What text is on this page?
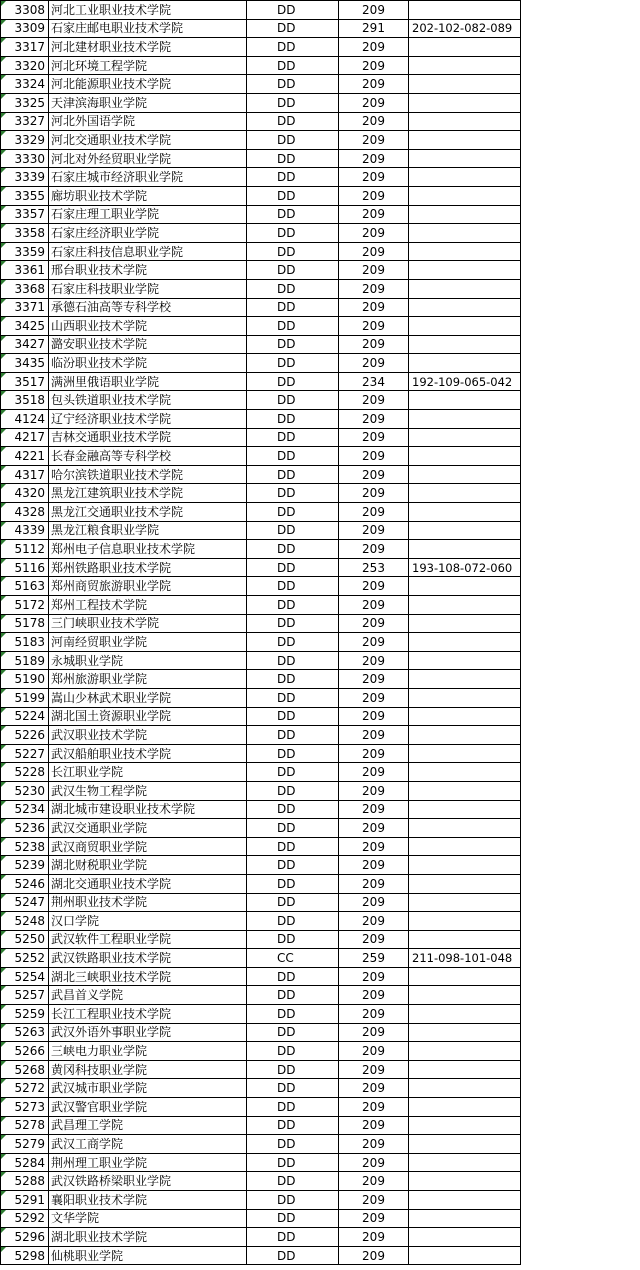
3308	河北工业职业技术学院	DD	209	
3309	石家庄邮电职业技术学院	DD	291	202-102-082-089
3317	河北建材职业技术学院	DD	209	
3320	河北环境工程学院	DD	209	
3324	河北能源职业技术学院	DD	209	
3325	天津滨海职业学院	DD	209	
3327	河北外国语学院	DD	209	
3329	河北交通职业技术学院	DD	209	
3330	河北对外经贸职业学院	DD	209	
3339	石家庄城市经济职业学院	DD	209	
3355	廊坊职业技术学院	DD	209	
3357	石家庄理工职业学院	DD	209	
3358	石家庄经济职业学院	DD	209	
3359	石家庄科技信息职业学院	DD	209	
3361	邢台职业技术学院	DD	209	
3368	石家庄科技职业学院	DD	209	
3371	承德石油高等专科学校	DD	209	
3425	山西职业技术学院	DD	209	
3427	潞安职业技术学院	DD	209	
3435	临汾职业技术学院	DD	209	
3517	满洲里俄语职业学院	DD	234	192-109-065-042
3518	包头铁道职业技术学院	DD	209	
4124	辽宁经济职业技术学院	DD	209	
4217	吉林交通职业技术学院	DD	209	
4221	长春金融高等专科学校	DD	209	
4317	哈尔滨铁道职业技术学院	DD	209	
4320	黑龙江建筑职业技术学院	DD	209	
4328	黑龙江交通职业技术学院	DD	209	
4339	黑龙江粮食职业学院	DD	209	
5112	郑州电子信息职业技术学院	DD	209	
5116	郑州铁路职业技术学院	DD	253	193-108-072-060
5163	郑州商贸旅游职业学院	DD	209	
5172	郑州工程技术学院	DD	209	
5178	三门峡职业技术学院	DD	209	
5183	河南经贸职业学院	DD	209	
5189	永城职业学院	DD	209	
5190	郑州旅游职业学院	DD	209	
5199	嵩山少林武术职业学院	DD	209	
5224	湖北国土资源职业学院	DD	209	
5226	武汉职业技术学院	DD	209	
5227	武汉船舶职业技术学院	DD	209	
5228	长江职业学院	DD	209	
5230	武汉生物工程学院	DD	209	
5234	湖北城市建设职业技术学院	DD	209	
5236	武汉交通职业学院	DD	209	
5238	武汉商贸职业学院	DD	209	
5239	湖北财税职业学院	DD	209	
5246	湖北交通职业技术学院	DD	209	
5247	荆州职业技术学院	DD	209	
5248	汉口学院	DD	209	
5250	武汉软件工程职业学院	DD	209	
5252	武汉铁路职业技术学院	CC	259	211-098-101-048
5254	湖北三峡职业技术学院	DD	209	
5257	武昌首义学院	DD	209	
5259	长江工程职业技术学院	DD	209	
5263	武汉外语外事职业学院	DD	209	
5266	三峡电力职业学院	DD	209	
5268	黄冈科技职业学院	DD	209	
5272	武汉城市职业学院	DD	209	
5273	武汉警官职业学院	DD	209	
5278	武昌理工学院	DD	209	
5279	武汉工商学院	DD	209	
5284	荆州理工职业学院	DD	209	
5288	武汉铁路桥梁职业学院	DD	209	
5291	襄阳职业技术学院	DD	209	
5292	文华学院	DD	209	
5296	湖北职业技术学院	DD	209	
5298	仙桃职业学院	DD	209	
